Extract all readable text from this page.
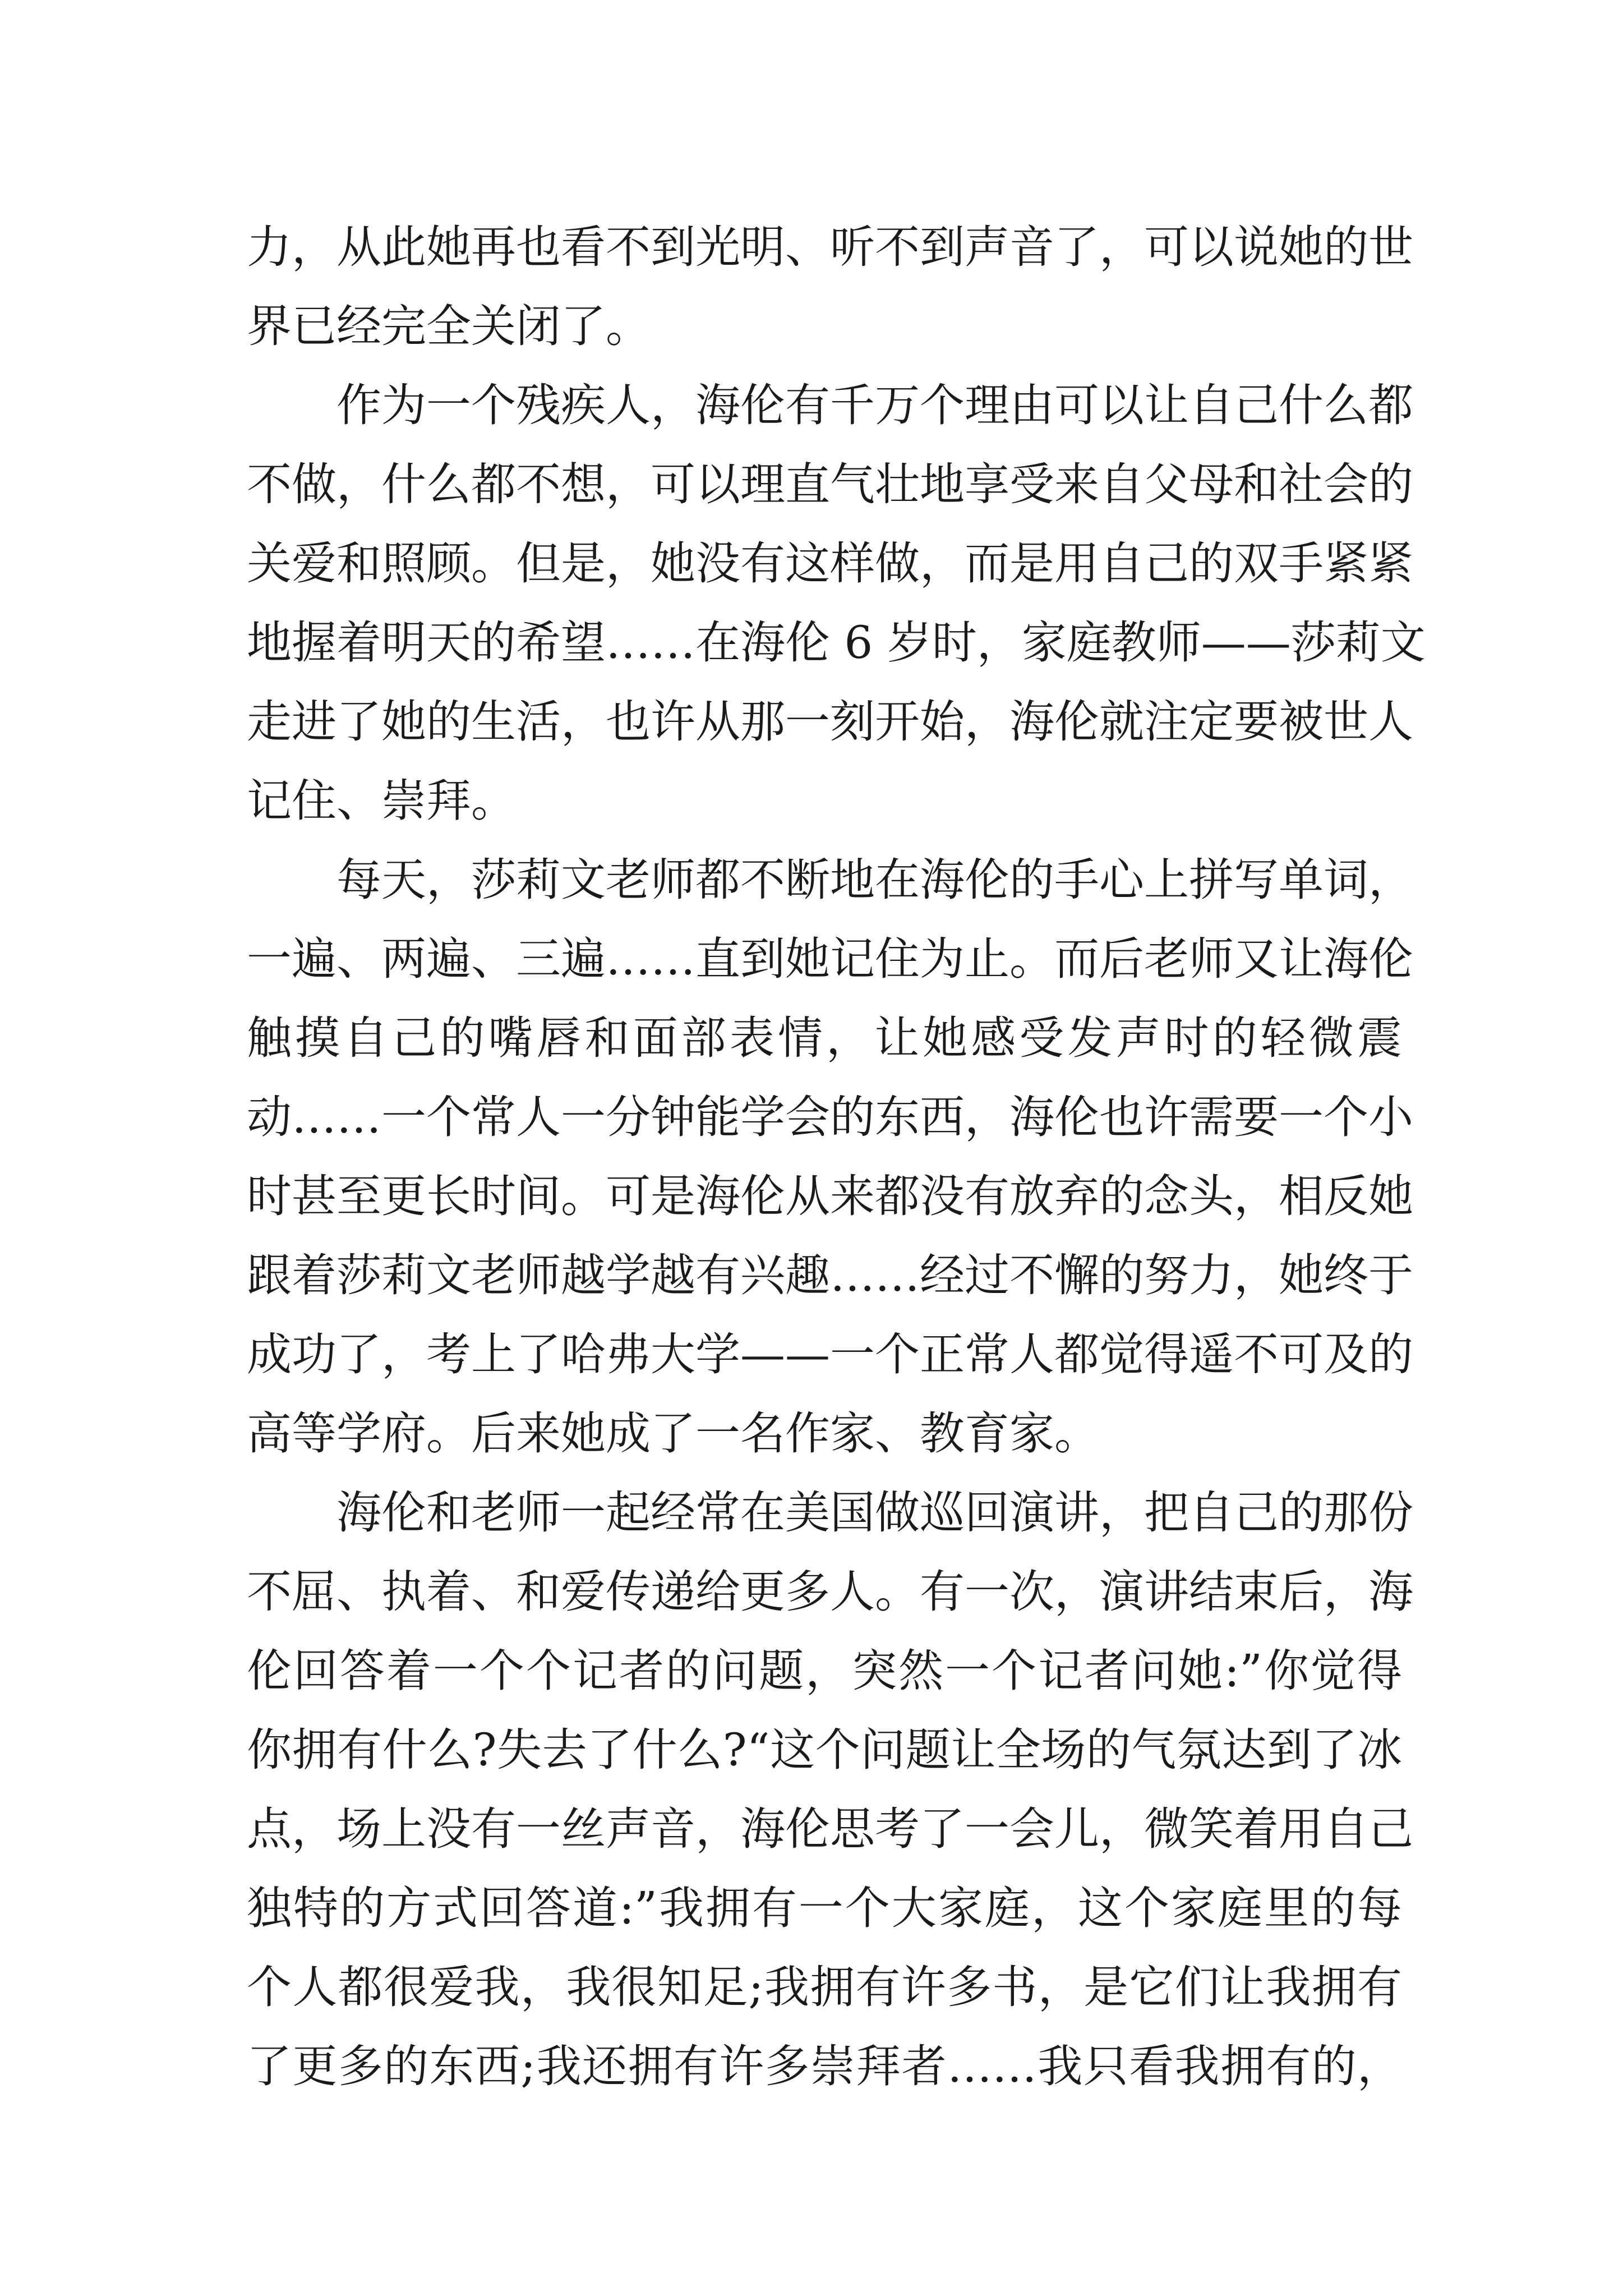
力，从此她再也看不到光明、听不到声音了，可以说她的世
界已经完全关闭了。
作为一个残疾人，海伦有千万个理由可以让自己什么都
不做，什么都不想，可以理直气壮地享受来自父母和社会的
关爱和照顾。但是，她没有这样做，而是用自己的双手紧紧
地握着明天的希望……在海伦 6 岁时，家庭教师——莎莉文
走进了她的生活，也许从那一刻开始，海伦就注定要被世人
记住、崇拜。
每天，莎莉文老师都不断地在海伦的手心上拼写单词，
一遍、两遍、三遍……直到她记住为止。而后老师又让海伦
触摸自己的嘴唇和面部表情，让她感受发声时的轻微震
动……一个常人一分钟能学会的东西，海伦也许需要一个小
时甚至更长时间。可是海伦从来都没有放弃的念头，相反她
跟着莎莉文老师越学越有兴趣……经过不懈的努力，她终于
成功了，考上了哈弗大学——一个正常人都觉得遥不可及的
高等学府。后来她成了一名作家、教育家。
海伦和老师一起经常在美国做巡回演讲，把自己的那份
不屈、执着、和爱传递给更多人。有一次，演讲结束后，海
伦回答着一个个记者的问题，突然一个记者问她:”你觉得
你拥有什么?失去了什么?“这个问题让全场的气氛达到了冰
点，场上没有一丝声音，海伦思考了一会儿，微笑着用自己
独特的方式回答道:”我拥有一个大家庭，这个家庭里的每
个人都很爱我，我很知足;我拥有许多书，是它们让我拥有
了更多的东西;我还拥有许多崇拜者……我只看我拥有的，
